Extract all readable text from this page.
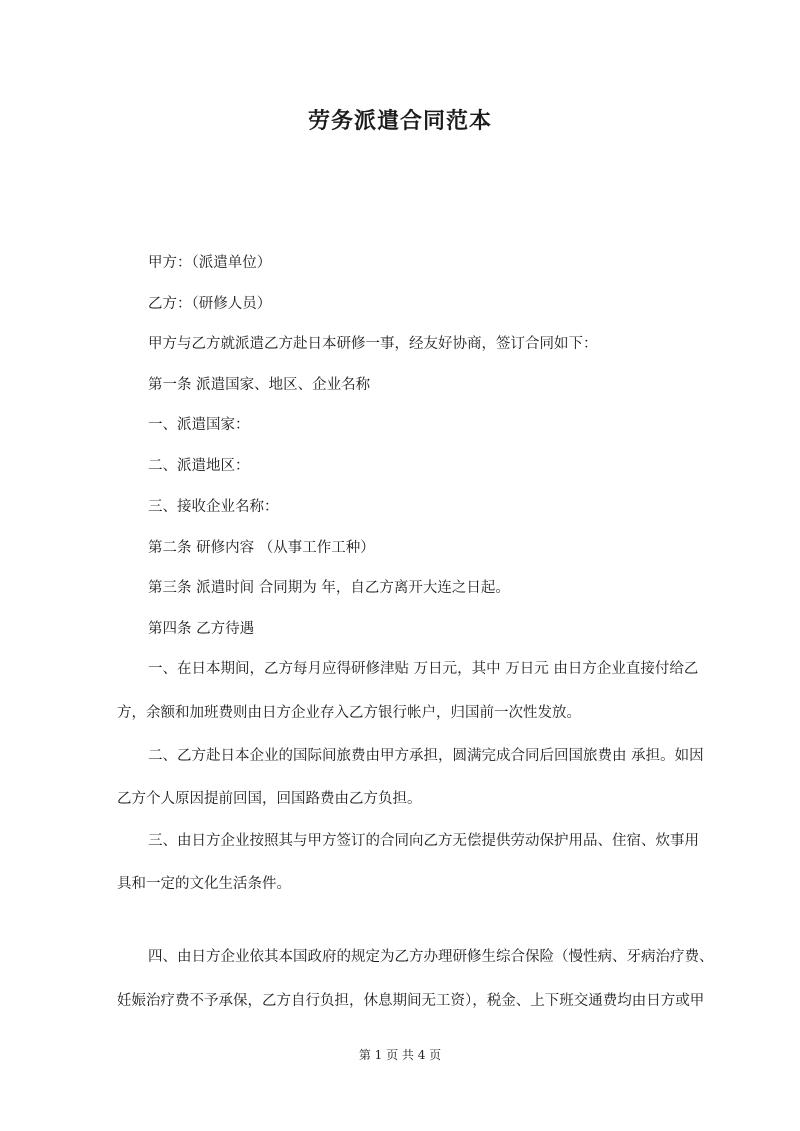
劳务派遣合同范本
甲方：（派遣单位）
乙方：（研修人员）
甲方与乙方就派遣乙方赴日本研修一事，经友好协商，签订合同如下：
第一条 派遣国家、地区、企业名称
一、派遣国家：
二、派遣地区：
三、接收企业名称：
第二条 研修内容 （从事工作工种）
第三条 派遣时间 合同期为 年，自乙方离开大连之日起。
第四条 乙方待遇
一、在日本期间，乙方每月应得研修津贴 万日元，其中 万日元 由日方企业直接付给乙
方，余额和加班费则由日方企业存入乙方银行帐户，归国前一次性发放。
二、乙方赴日本企业的国际间旅费由甲方承担，圆满完成合同后回国旅费由 承担。如因
乙方个人原因提前回国，回国路费由乙方负担。
三、由日方企业按照其与甲方签订的合同向乙方无偿提供劳动保护用品、住宿、炊事用
具和一定的文化生活条件。
四、由日方企业依其本国政府的规定为乙方办理研修生综合保险（慢性病、牙病治疗费、
妊娠治疗费不予承保，乙方自行负担，休息期间无工资），税金、上下班交通费均由日方或甲
第 1 页 共 4 页
